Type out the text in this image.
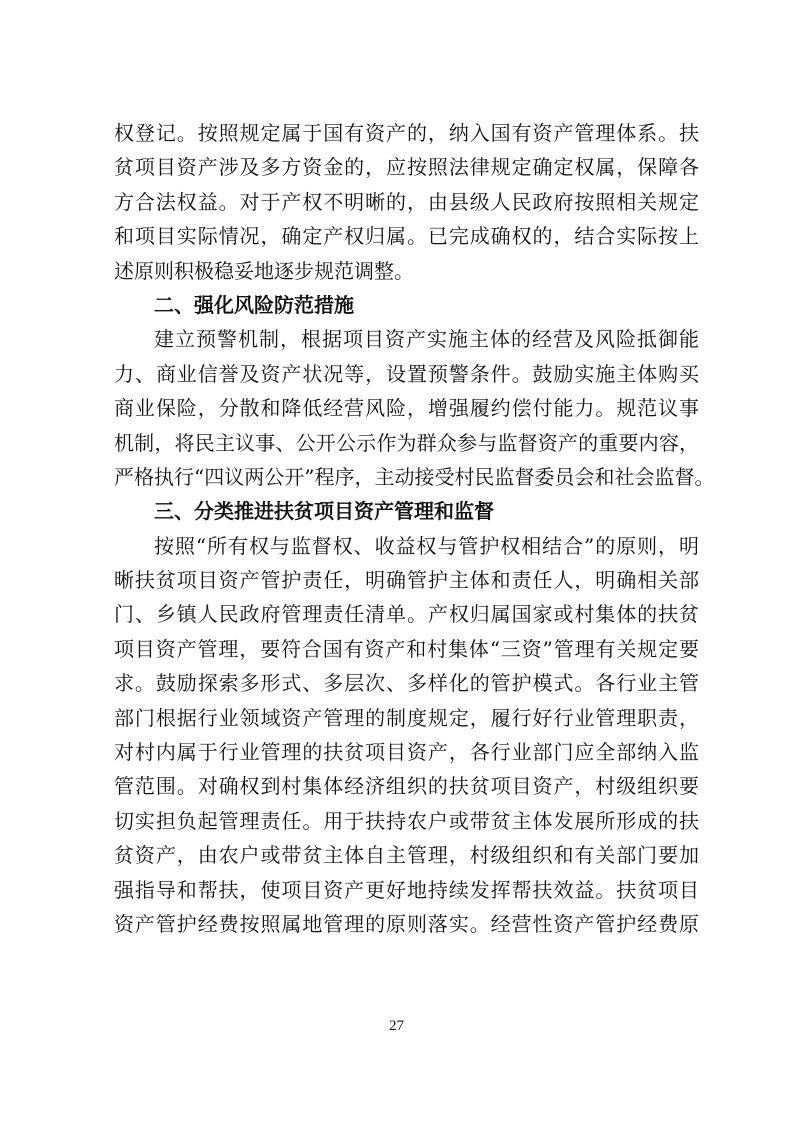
权登记。按照规定属于国有资产的，纳入国有资产管理体系。扶
贫项目资产涉及多方资金的，应按照法律规定确定权属，保障各
方合法权益。对于产权不明晰的，由县级人民政府按照相关规定
和项目实际情况，确定产权归属。已完成确权的，结合实际按上
述原则积极稳妥地逐步规范调整。
二、强化风险防范措施
建立预警机制，根据项目资产实施主体的经营及风险抵御能
力、商业信誉及资产状况等，设置预警条件。鼓励实施主体购买
商业保险，分散和降低经营风险，增强履约偿付能力。规范议事
机制，将民主议事、公开公示作为群众参与监督资产的重要内容，
严格执行“四议两公开”程序，主动接受村民监督委员会和社会监督。
三、分类推进扶贫项目资产管理和监督
按照“所有权与监督权、收益权与管护权相结合”的原则，明
晰扶贫项目资产管护责任，明确管护主体和责任人，明确相关部
门、乡镇人民政府管理责任清单。产权归属国家或村集体的扶贫
项目资产管理，要符合国有资产和村集体“三资”管理有关规定要
求。鼓励探索多形式、多层次、多样化的管护模式。各行业主管
部门根据行业领域资产管理的制度规定，履行好行业管理职责，
对村内属于行业管理的扶贫项目资产，各行业部门应全部纳入监
管范围。对确权到村集体经济组织的扶贫项目资产，村级组织要
切实担负起管理责任。用于扶持农户或带贫主体发展所形成的扶
贫资产，由农户或带贫主体自主管理，村级组织和有关部门要加
强指导和帮扶，使项目资产更好地持续发挥帮扶效益。扶贫项目
资产管护经费按照属地管理的原则落实。经营性资产管护经费原
27
